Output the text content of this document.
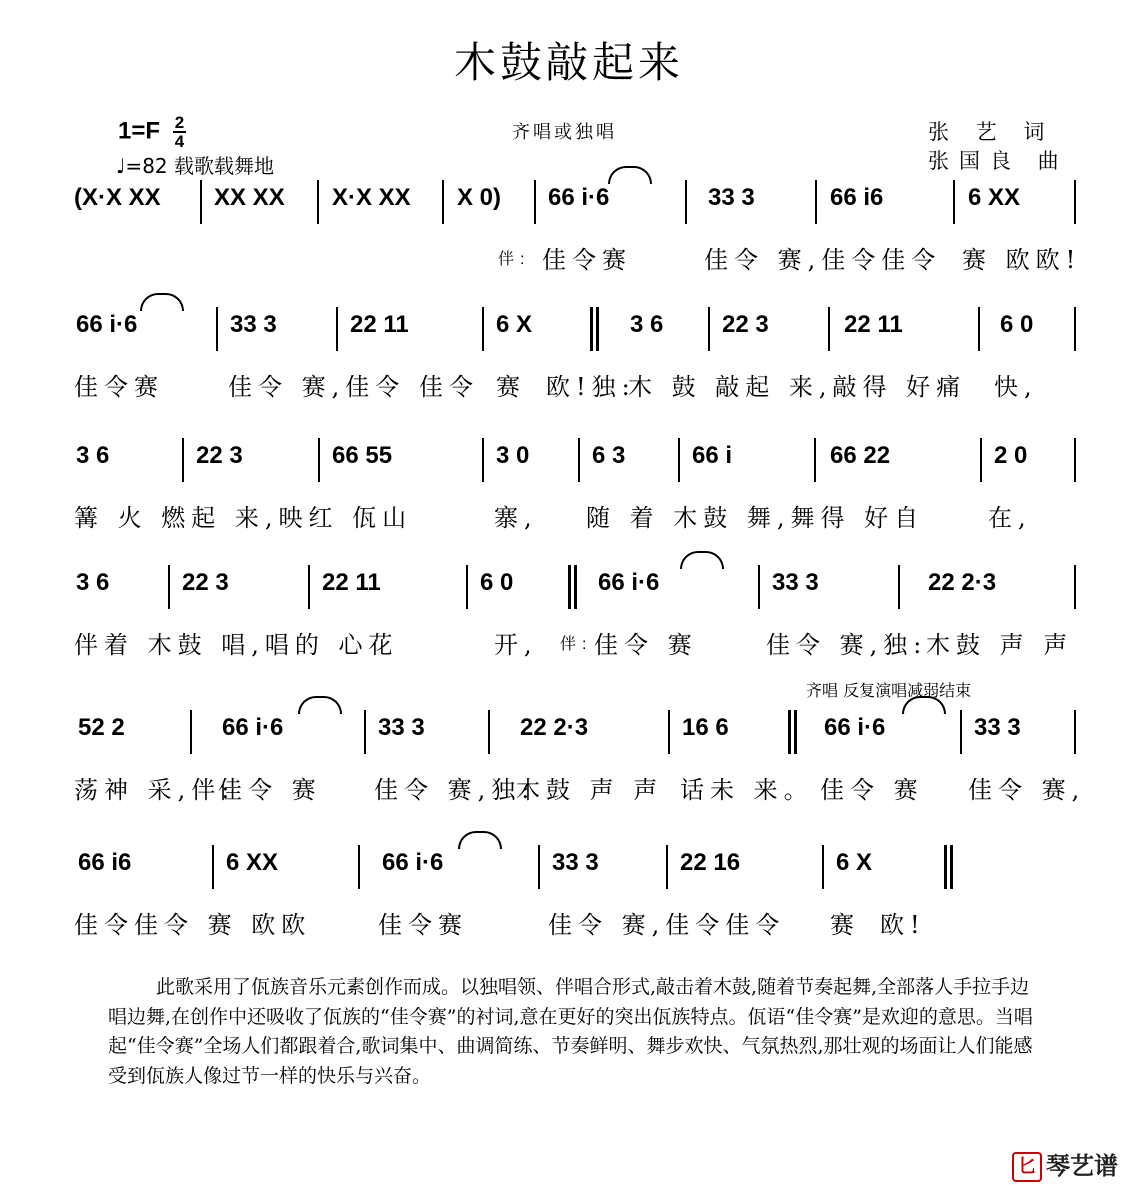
木鼓敲起来
$1=F \frac{2}{4}$
♩=82 载歌载舞地
齐唱或独唱	张 艺 词
张国良 曲
(X·X XX XX XX X·X XX X 0) 66 i·6	33 3	66 i6	6 XX
伴: 佳令赛	佳令 赛,佳令佳令 赛 欧欧!
66 i·6	33 3	22 11	6 X	3 6 22 3	22 11	6 0
佳令赛	佳令 赛,佳令 佳令 赛 欧!独:
木 鼓 敲起 来,敲得 好痛 快,
3 6	22 3	66 55	3 0	6 3	66 i	66 22	2 0
篝 火 燃起 来,映红 佤山	寨, 随 着 木鼓 舞,舞得 好自	在,
3 6	22 3	22 11	6 0	66 i·6	33 3	22 2·3
伴着 木鼓 唱,唱的 心花	开, 伴: 佳令 赛	佳令 赛,独:
木鼓 声 声
齐唱 反复演唱减弱结束
52 2	66 i·6	33 3	22 2·3	16 6	66 i·6	33 3
荡神 采,伴:
佳令 赛 佳令 赛,独:
木鼓 声 声 话未 来。 佳令 赛 佳令 赛,
66 i6	6 XX	66 i·6	33 3	22 16	6 X
佳令佳令 赛 欧欧	佳令赛	佳令 赛,佳令佳令 赛 欧!
此歌采用了佤族音乐元素创作而成。以独唱领、伴唱合形式,敲击着木鼓,随着节奏起舞,全部落人手拉手边唱边舞,在创作中还吸收了佤族的“佳令赛”的衬词,意在更好的突出佤族特点。佤语“佳令赛”是欢迎的意思。当唱起“佳令赛”全场人们都跟着合,歌词集中、曲调简练、节奏鲜明、舞步欢快、气氛热烈,那壮观的场面让人们能感受到佤族人像过节一样的快乐与兴奋。
匕 琴艺谱
